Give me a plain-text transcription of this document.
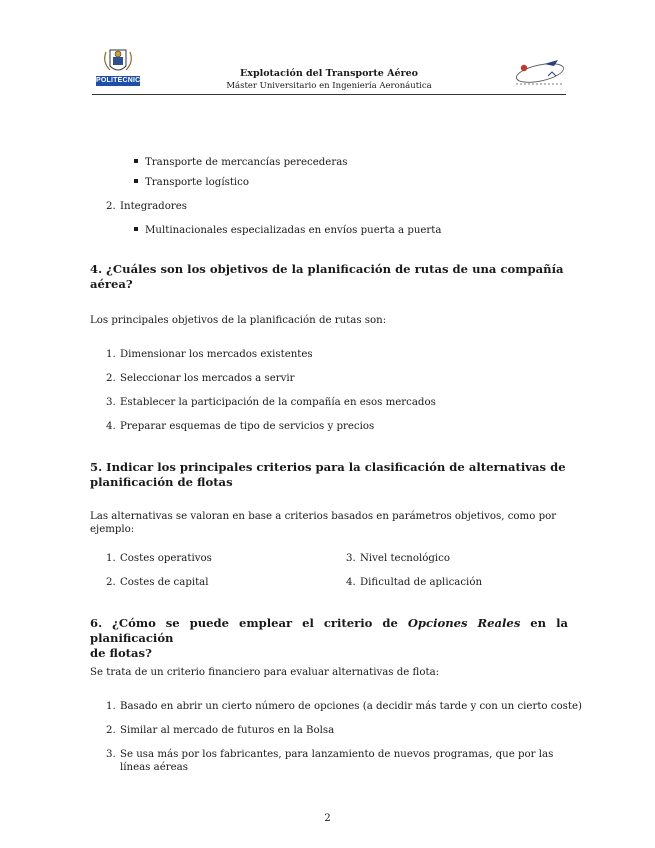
POLITÉCNICA
Explotación del Transporte Aéreo
Máster Universitario en Ingeniería Aeronáutica
Transporte de mercancías perecederas
Transporte logístico
2. Integradores
Multinacionales especializadas en envíos puerta a puerta
4. ¿Cuáles son los objetivos de la planificación de rutas de una compañía
aérea?
Los principales objetivos de la planificación de rutas son:
1. Dimensionar los mercados existentes
2. Seleccionar los mercados a servir
3. Establecer la participación de la compañía en esos mercados
4. Preparar esquemas de tipo de servicios y precios
5. Indicar los principales criterios para la clasificación de alternativas de
planificación de flotas
Las alternativas se valoran en base a criterios basados en parámetros objetivos, como por
ejemplo:
1. Costes operativos
2. Costes de capital
3. Nivel tecnológico
4. Dificultad de aplicación
6. ¿Cómo se puede emplear el criterio de Opciones Reales en la planificación
de flotas?
Se trata de un criterio financiero para evaluar alternativas de flota:
1. Basado en abrir un cierto número de opciones (a decidir más tarde y con un cierto coste)
2. Similar al mercado de futuros en la Bolsa
3. Se usa más por los fabricantes, para lanzamiento de nuevos programas, que por las líneas aéreas
2
